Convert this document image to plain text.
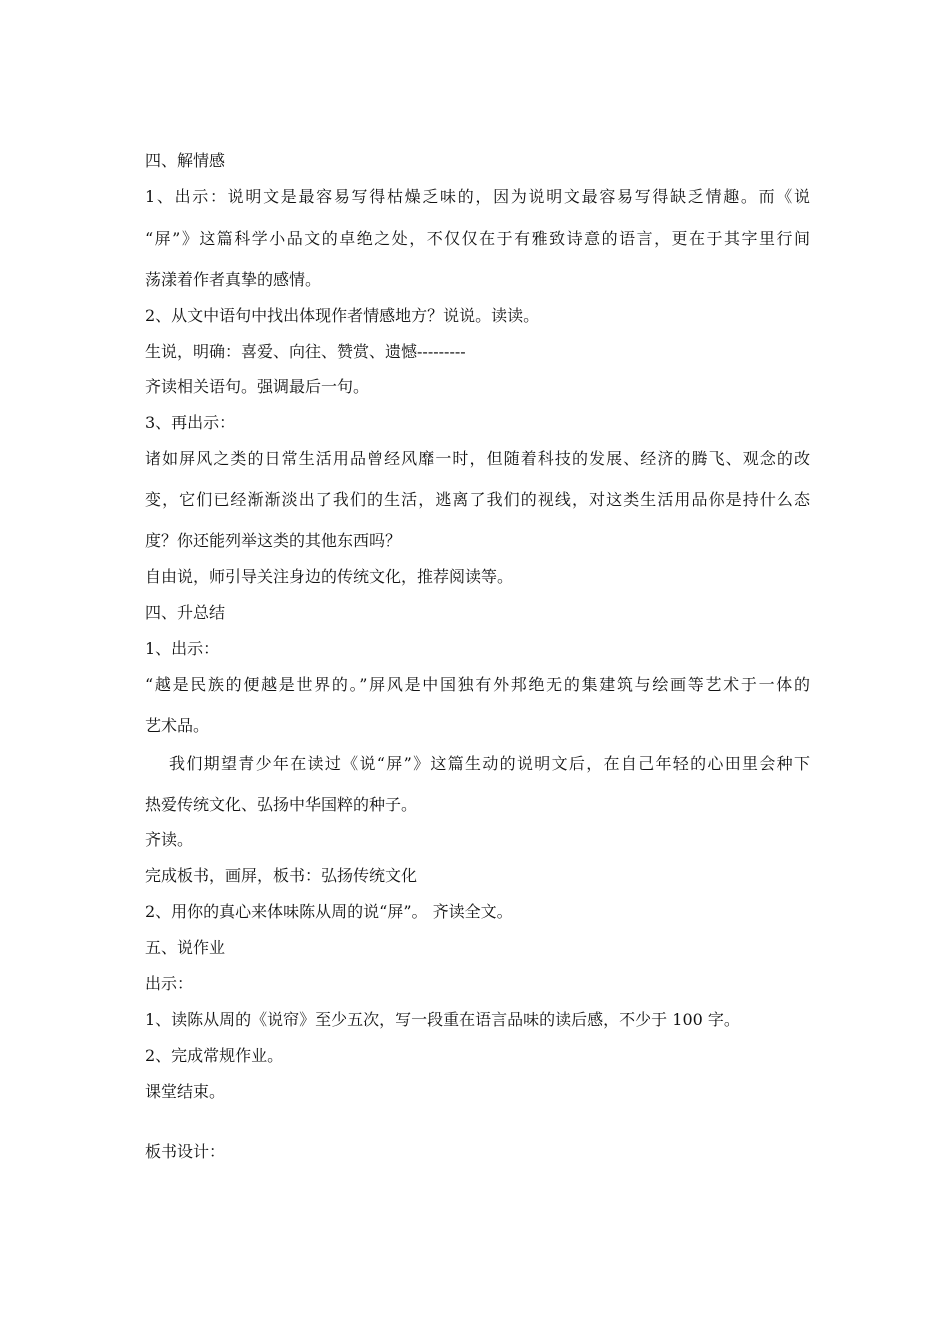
四、解情感

1、出示：说明文是最容易写得枯燥乏味的，因为说明文最容易写得缺乏情趣。而《说

“屏”》这篇科学小品文的卓绝之处，不仅仅在于有雅致诗意的语言，更在于其字里行间

荡漾着作者真挚的感情。

2、从文中语句中找出体现作者情感地方？说说。读读。

生说，明确：喜爱、向往、赞赏、遗憾---------

齐读相关语句。强调最后一句。

3、再出示：

诸如屏风之类的日常生活用品曾经风靡一时，但随着科技的发展、经济的腾飞、观念的改

变，它们已经渐渐淡出了我们的生活，逃离了我们的视线，对这类生活用品你是持什么态

度？你还能列举这类的其他东西吗？

自由说，师引导关注身边的传统文化，推荐阅读等。

四、升总结

1、出示：

“越是民族的便越是世界的。”屏风是中国独有外邦绝无的集建筑与绘画等艺术于一体的

艺术品。

我们期望青少年在读过《说“屏”》这篇生动的说明文后，在自己年轻的心田里会种下

热爱传统文化、弘扬中华国粹的种子。

齐读。

完成板书，画屏，板书：弘扬传统文化

2、用你的真心来体味陈从周的说“屏”。 齐读全文。

五、说作业

出示：

1、读陈从周的《说帘》至少五次，写一段重在语言品味的读后感，不少于 100 字。

2、完成常规作业。

课堂结束。

板书设计：
